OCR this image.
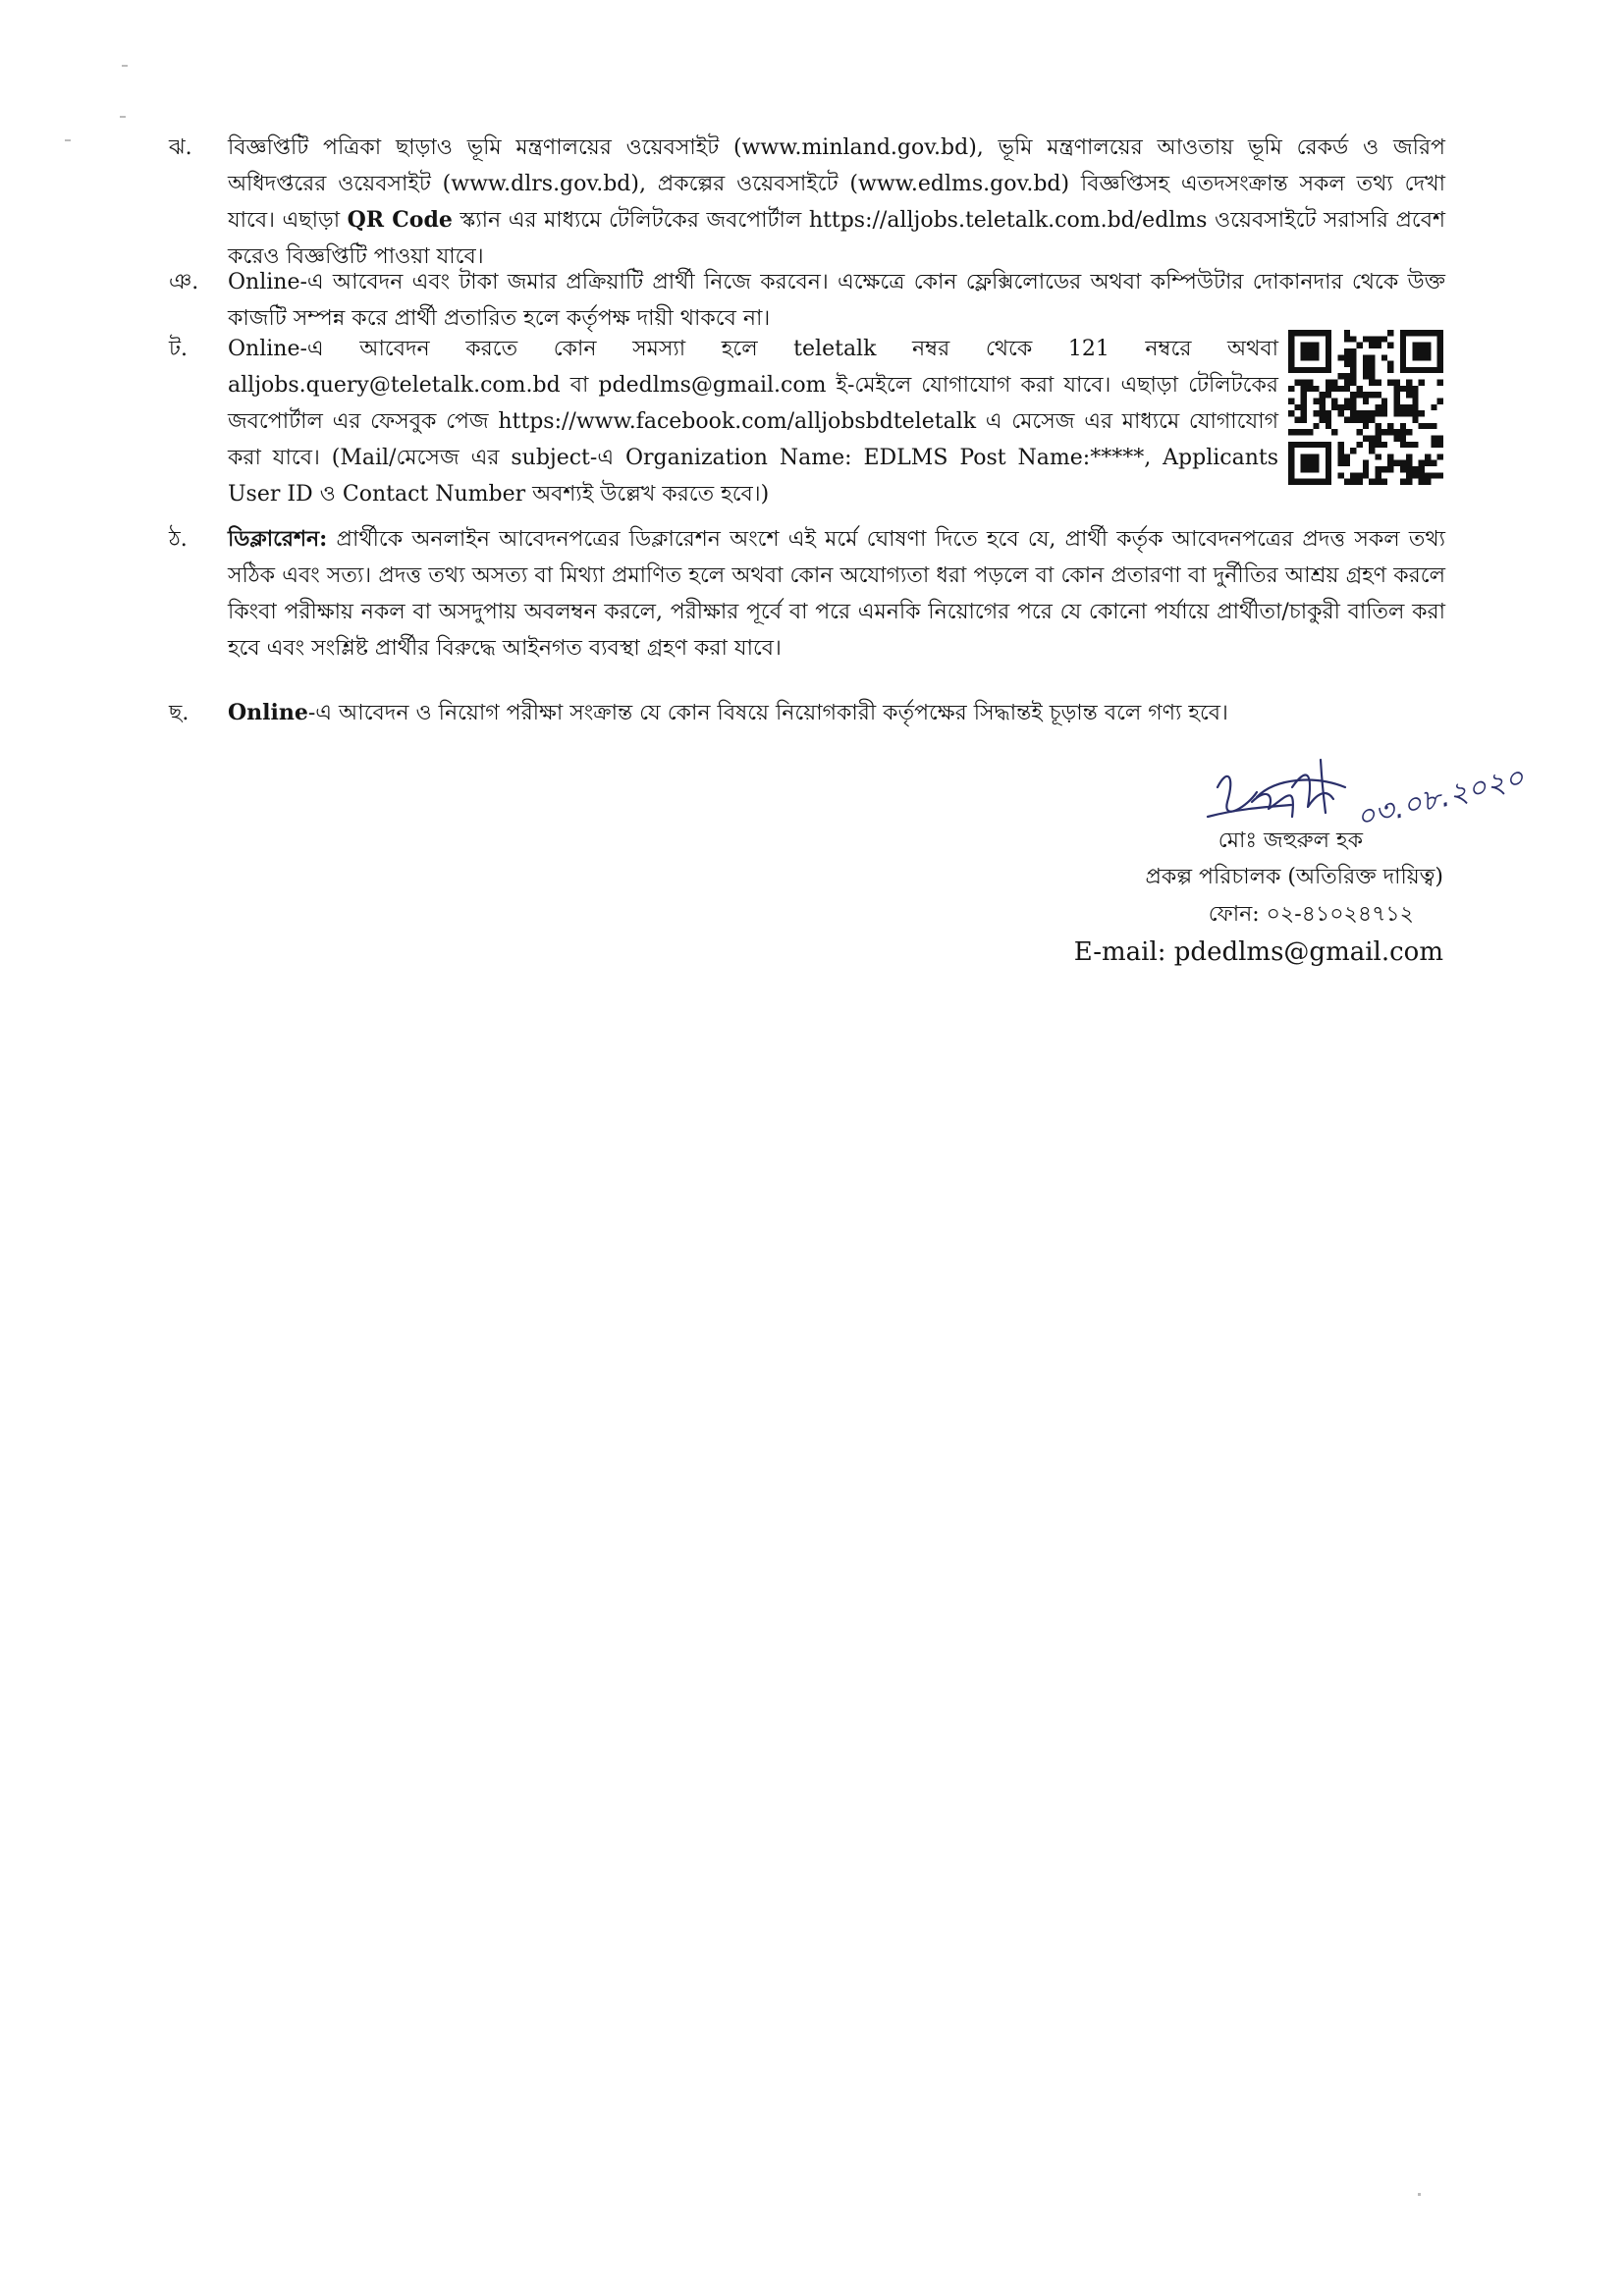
ঝ.	বিজ্ঞপ্তিটি পত্রিকা ছাড়াও ভূমি মন্ত্রণালয়ের ওয়েবসাইট (www.minland.gov.bd), ভূমি মন্ত্রণালয়ের আওতায় ভূমি রেকর্ড ও জরিপ অধিদপ্তরের ওয়েবসাইট (www.dlrs.gov.bd), প্রকল্পের ওয়েবসাইটে (www.edlms.gov.bd) বিজ্ঞপ্তিসহ এতদসংক্রান্ত সকল তথ্য দেখা যাবে। এছাড়া QR Code স্ক্যান এর মাধ্যমে টেলিটকের জবপোর্টাল https://alljobs.teletalk.com.bd/edlms ওয়েবসাইটে সরাসরি প্রবেশ করেও বিজ্ঞপ্তিটি পাওয়া যাবে।
ঞ.	Online-এ আবেদন এবং টাকা জমার প্রক্রিয়াটি প্রার্থী নিজে করবেন। এক্ষেত্রে কোন ফ্লেক্সিলোডের অথবা কম্পিউটার দোকানদার থেকে উক্ত কাজটি সম্পন্ন করে প্রার্থী প্রতারিত হলে কর্তৃপক্ষ দায়ী থাকবে না।
ট.	Online-এ আবেদন করতে কোন সমস্যা হলে teletalk নম্বর থেকে 121 নম্বরে অথবা alljobs.query@teletalk.com.bd বা pdedlms@gmail.com ই-মেইলে যোগাযোগ করা যাবে। এছাড়া টেলিটকের জবপোর্টাল এর ফেসবুক পেজ https://www.facebook.com/alljobsbdteletalk এ মেসেজ এর মাধ্যমে যোগাযোগ করা যাবে। (Mail/মেসেজ এর subject-এ Organization Name: EDLMS Post Name:*****, Applicants User ID ও Contact Number অবশ্যই উল্লেখ করতে হবে।)
ঠ.	ডিক্লারেশন: প্রার্থীকে অনলাইন আবেদনপত্রের ডিক্লারেশন অংশে এই মর্মে ঘোষণা দিতে হবে যে, প্রার্থী কর্তৃক আবেদনপত্রের প্রদত্ত সকল তথ্য সঠিক এবং সত্য। প্রদত্ত তথ্য অসত্য বা মিথ্যা প্রমাণিত হলে অথবা কোন অযোগ্যতা ধরা পড়লে বা কোন প্রতারণা বা দুর্নীতির আশ্রয় গ্রহণ করলে কিংবা পরীক্ষায় নকল বা অসদুপায় অবলম্বন করলে, পরীক্ষার পূর্বে বা পরে এমনকি নিয়োগের পরে যে কোনো পর্যায়ে প্রার্থীতা/চাকুরী বাতিল করা হবে এবং সংশ্লিষ্ট প্রার্থীর বিরুদ্ধে আইনগত ব্যবস্থা গ্রহণ করা যাবে।
ছ.	Online-এ আবেদন ও নিয়োগ পরীক্ষা সংক্রান্ত যে কোন বিষয়ে নিয়োগকারী কর্তৃপক্ষের সিদ্ধান্তই চূড়ান্ত বলে গণ্য হবে।
০৩.০৮.২০২০
মোঃ জহুরুল হক
প্রকল্প পরিচালক (অতিরিক্ত দায়িত্ব)
ফোন: ০২-৪১০২৪৭১২
E-mail: pdedlms@gmail.com
